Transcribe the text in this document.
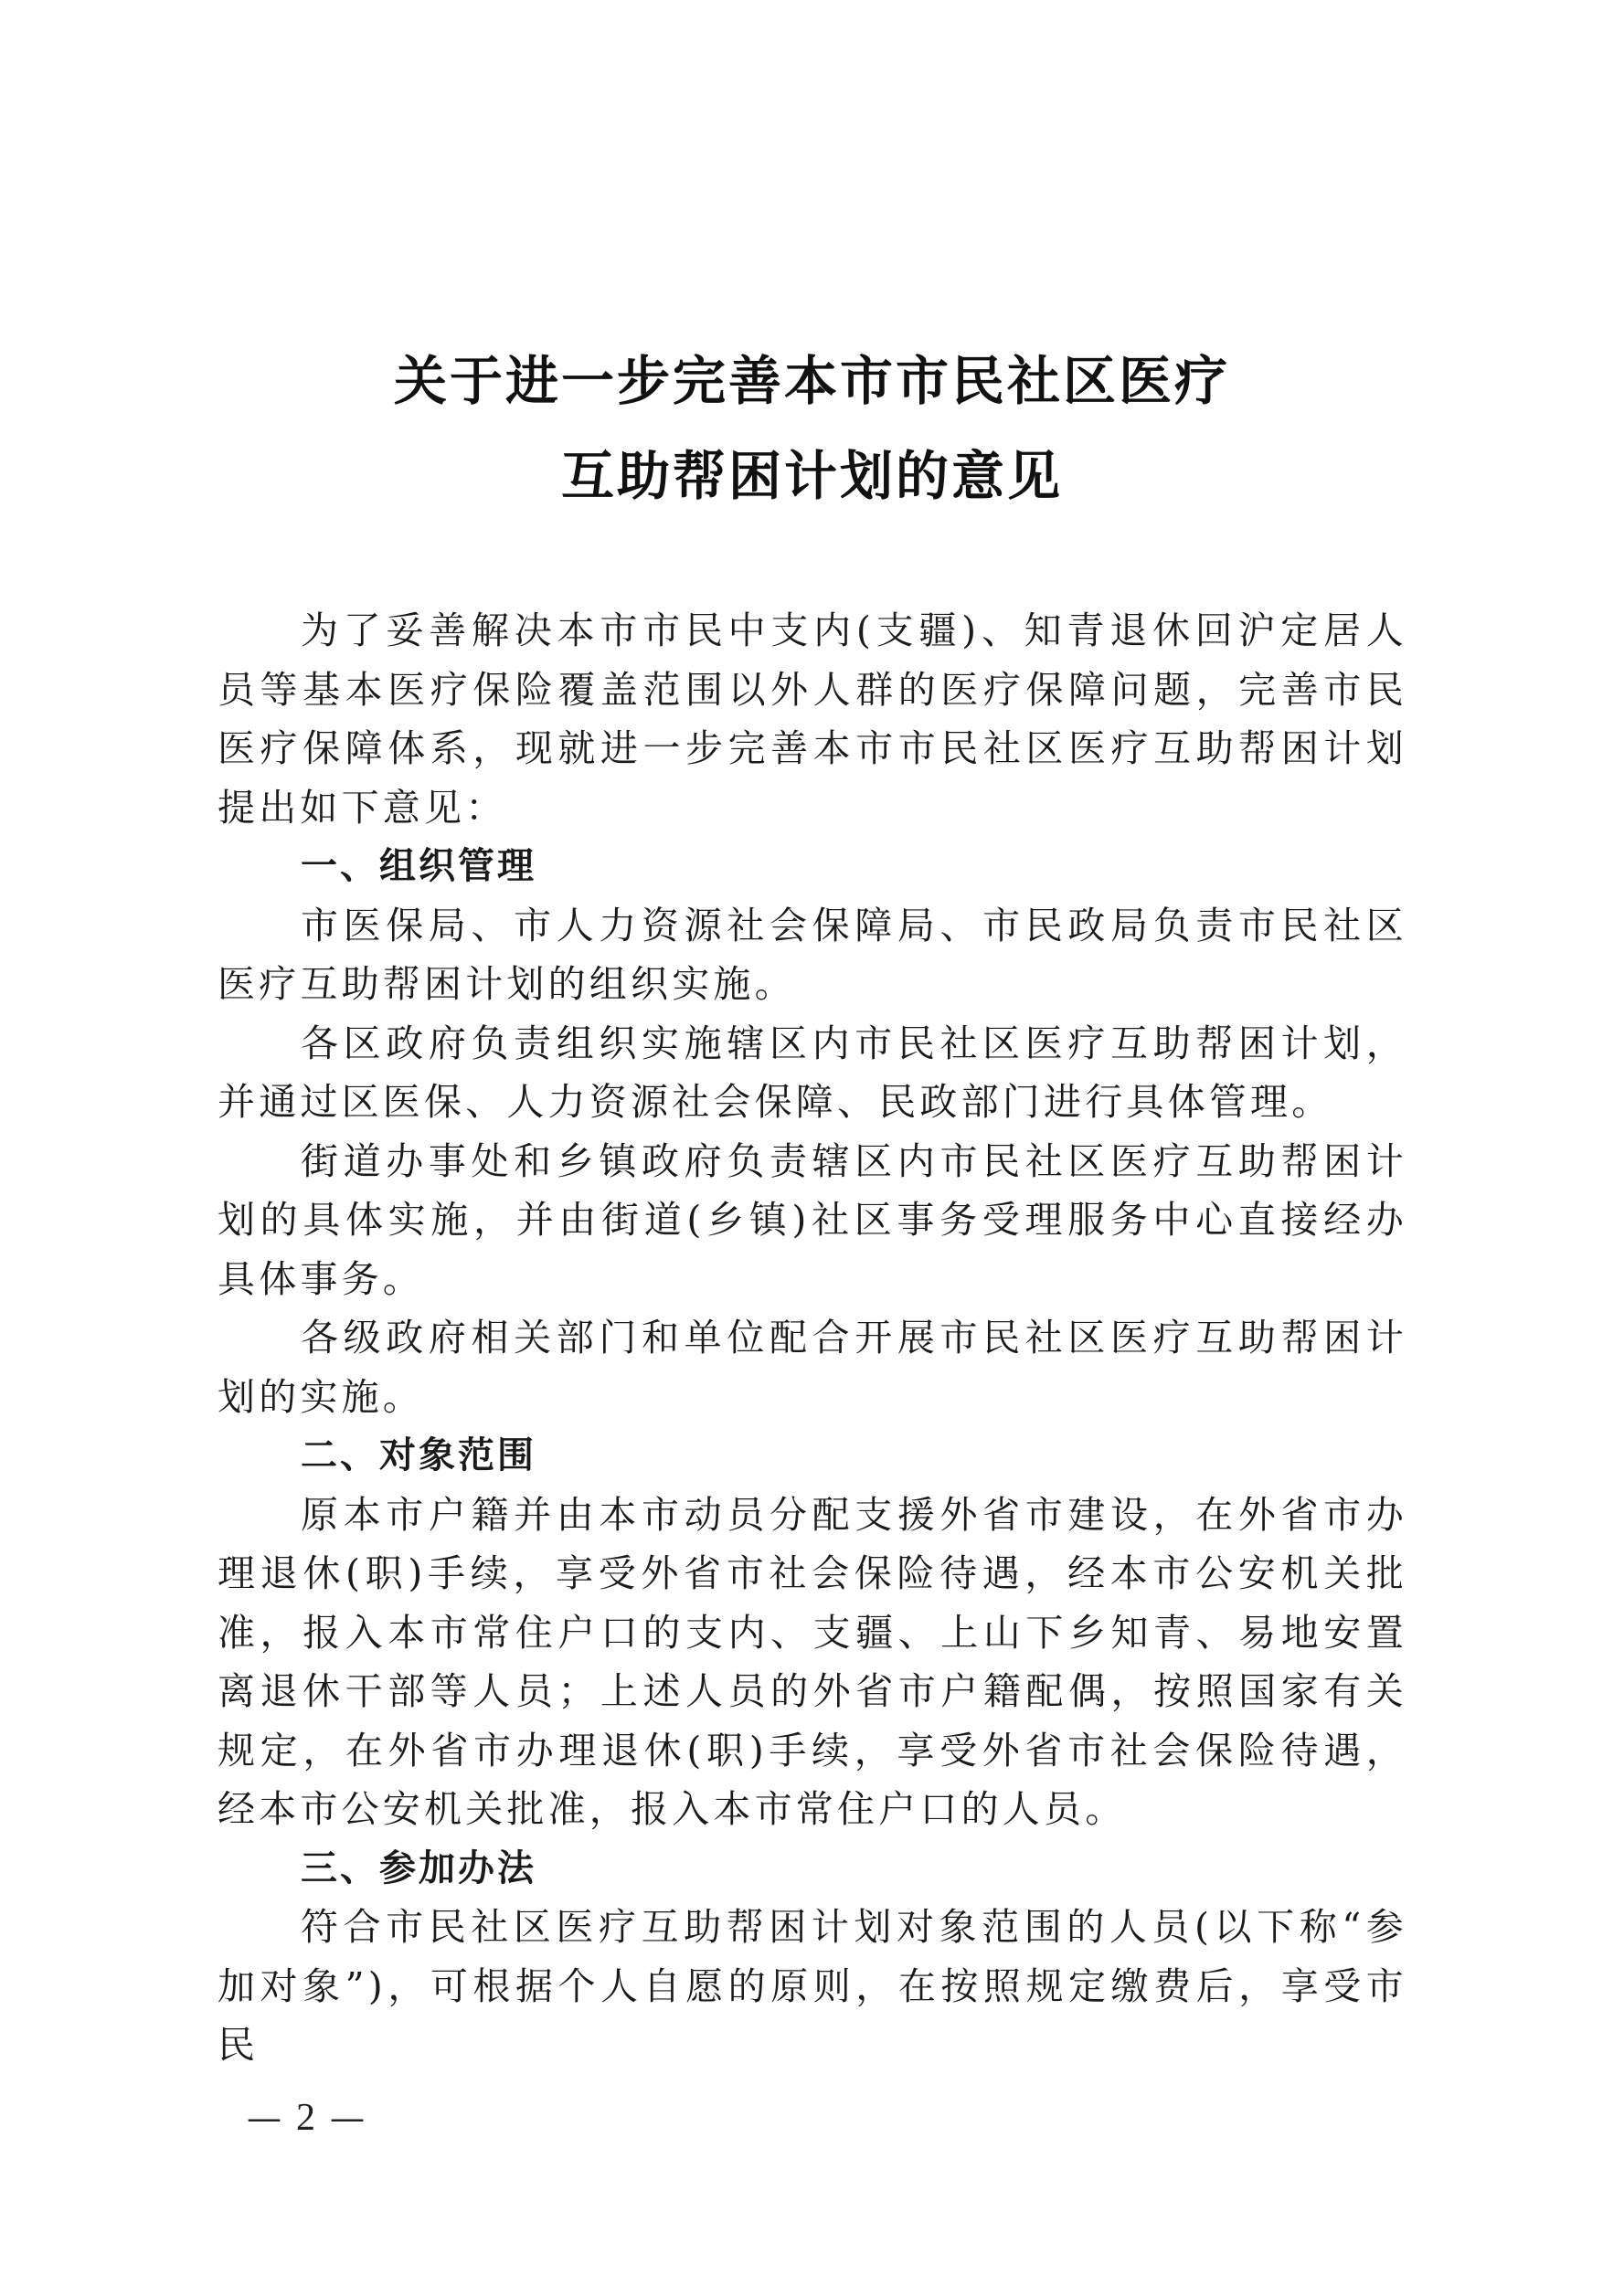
关于进一步完善本市市民社区医疗
互助帮困计划的意见

为了妥善解决本市市民中支内(支疆)、知青退休回沪定居人员等基本医疗保险覆盖范围以外人群的医疗保障问题，完善市民医疗保障体系，现就进一步完善本市市民社区医疗互助帮困计划提出如下意见：

一、组织管理

市医保局、市人力资源社会保障局、市民政局负责市民社区医疗互助帮困计划的组织实施。

各区政府负责组织实施辖区内市民社区医疗互助帮困计划，并通过区医保、人力资源社会保障、民政部门进行具体管理。

街道办事处和乡镇政府负责辖区内市民社区医疗互助帮困计划的具体实施，并由街道(乡镇)社区事务受理服务中心直接经办具体事务。

各级政府相关部门和单位配合开展市民社区医疗互助帮困计划的实施。

二、对象范围

原本市户籍并由本市动员分配支援外省市建设，在外省市办理退休(职)手续，享受外省市社会保险待遇，经本市公安机关批准，报入本市常住户口的支内、支疆、上山下乡知青、易地安置离退休干部等人员；上述人员的外省市户籍配偶，按照国家有关规定，在外省市办理退休(职)手续，享受外省市社会保险待遇，经本市公安机关批准，报入本市常住户口的人员。

三、参加办法

符合市民社区医疗互助帮困计划对象范围的人员(以下称“参加对象”)，可根据个人自愿的原则，在按照规定缴费后，享受市民

— 2 —
